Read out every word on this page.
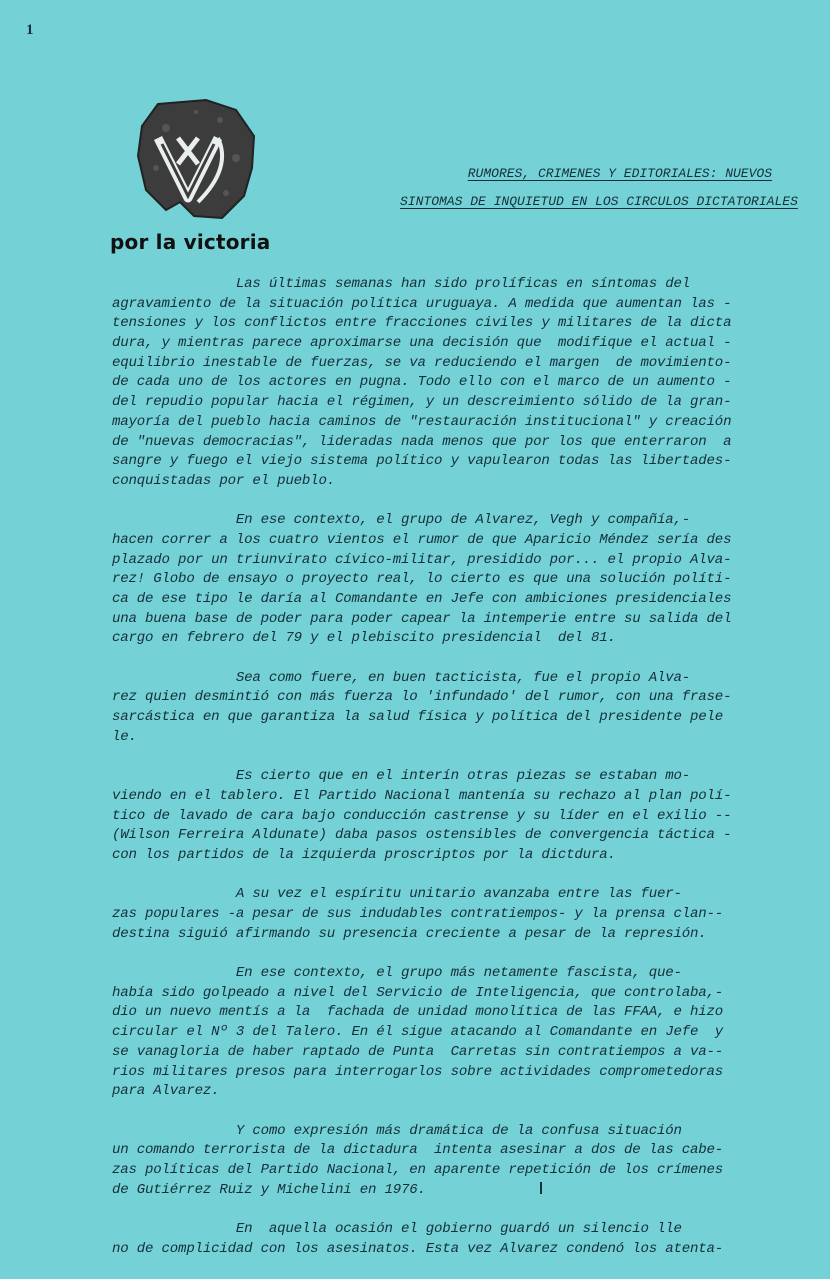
1
por la victoria
RUMORES, CRIMENES Y EDITORIALES: NUEVOS
SINTOMAS DE INQUIETUD EN LOS CIRCULOS DICTATORIALES
Las últimas semanas han sido prolíficas en síntomas del
agravamiento de la situación política uruguaya. A medida que aumentan las -
tensiones y los conflictos entre fracciones civiles y militares de la dicta
dura, y mientras parece aproximarse una decisión que  modifique el actual -
equilibrio inestable de fuerzas, se va reduciendo el margen  de movimiento-
de cada uno de los actores en pugna. Todo ello con el marco de un aumento -
del repudio popular hacia el régimen, y un descreimiento sólido de la gran-
mayoría del pueblo hacia caminos de "restauración institucional" y creación
de "nuevas democracias", lideradas nada menos que por los que enterraron  a
sangre y fuego el viejo sistema político y vapulearon todas las libertades-
conquistadas por el pueblo.
En ese contexto, el grupo de Alvarez, Vegh y compañía,-
hacen correr a los cuatro vientos el rumor de que Aparicio Méndez sería des
plazado por un triunvirato cívico-militar, presidido por... el propio Alva-
rez! Globo de ensayo o proyecto real, lo cierto es que una solución políti-
ca de ese tipo le daría al Comandante en Jefe con ambiciones presidenciales
una buena base de poder para poder capear la intemperie entre su salida del
cargo en febrero del 79 y el plebiscito presidencial  del 81.
Sea como fuere, en buen tacticista, fue el propio Alva-
rez quien desmintió con más fuerza lo 'infundado' del rumor, con una frase-
sarcástica en que garantiza la salud física y política del presidente pele
le.
Es cierto que en el interín otras piezas se estaban mo-
viendo en el tablero. El Partido Nacional mantenía su rechazo al plan polí-
tico de lavado de cara bajo conducción castrense y su líder en el exilio --
(Wilson Ferreira Aldunate) daba pasos ostensibles de convergencia táctica -
con los partidos de la izquierda proscriptos por la dictdura.
A su vez el espíritu unitario avanzaba entre las fuer-
zas populares -a pesar de sus indudables contratiempos- y la prensa clan--
destina siguió afirmando su presencia creciente a pesar de la represión.
En ese contexto, el grupo más netamente fascista, que-
había sido golpeado a nivel del Servicio de Inteligencia, que controlaba,-
dio un nuevo mentís a la  fachada de unidad monolítica de las FFAA, e hizo
circular el Nº 3 del Talero. En él sigue atacando al Comandante en Jefe  y
se vanagloria de haber raptado de Punta  Carretas sin contratiempos a va--
rios militares presos para interrogarlos sobre actividades comprometedoras
para Alvarez.
Y como expresión más dramática de la confusa situación
un comando terrorista de la dictadura  intenta asesinar a dos de las cabe-
zas políticas del Partido Nacional, en aparente repetición de los crímenes
de Gutiérrez Ruiz y Michelini en 1976.
En  aquella ocasión el gobierno guardó un silencio lle
no de complicidad con los asesinatos. Esta vez Alvarez condenó los atenta-
